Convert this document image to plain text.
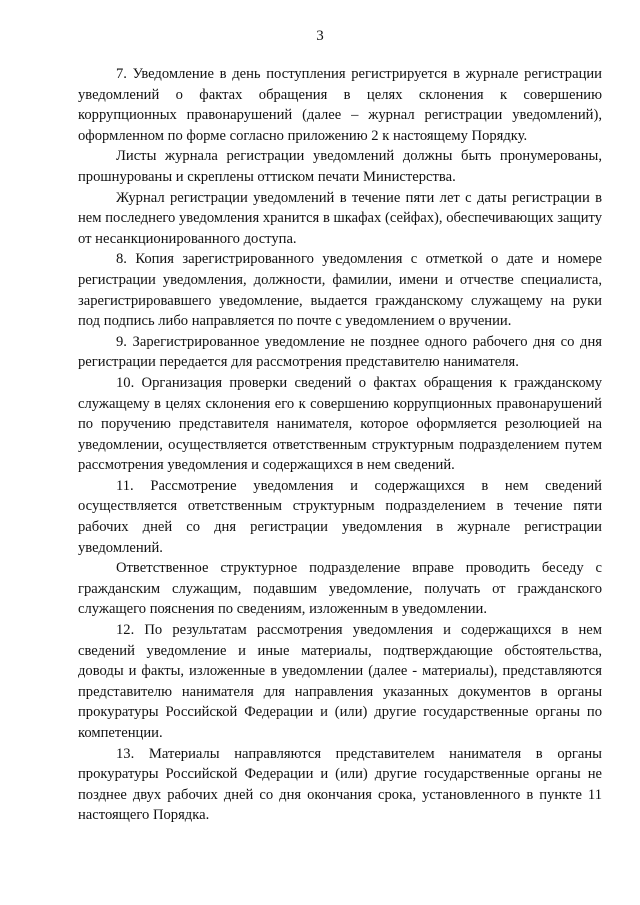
3

7. Уведомление в день поступления регистрируется в журнале регистрации уведомлений о фактах обращения в целях склонения к совершению коррупционных правонарушений (далее – журнал регистрации уведомлений), оформленном по форме согласно приложению 2 к настоящему Порядку.

Листы журнала регистрации уведомлений должны быть пронумерованы, прошнурованы и скреплены оттиском печати Министерства.

Журнал регистрации уведомлений в течение пяти лет с даты регистрации в нем последнего уведомления хранится в шкафах (сейфах), обеспечивающих защиту от несанкционированного доступа.

8. Копия зарегистрированного уведомления с отметкой о дате и номере регистрации уведомления, должности, фамилии, имени и отчестве специалиста, зарегистрировавшего уведомление, выдается гражданскому служащему на руки под подпись либо направляется по почте с уведомлением о вручении.

9. Зарегистрированное уведомление не позднее одного рабочего дня со дня регистрации передается для рассмотрения представителю нанимателя.

10. Организация проверки сведений о фактах обращения к гражданскому служащему в целях склонения его к совершению коррупционных правонарушений по поручению представителя нанимателя, которое оформляется резолюцией на уведомлении, осуществляется ответственным структурным подразделением путем рассмотрения уведомления и содержащихся в нем сведений.

11. Рассмотрение уведомления и содержащихся в нем сведений осуществляется ответственным структурным подразделением в течение пяти рабочих дней со дня регистрации уведомления в журнале регистрации уведомлений.

Ответственное структурное подразделение вправе проводить беседу с гражданским служащим, подавшим уведомление, получать от гражданского служащего пояснения по сведениям, изложенным в уведомлении.

12. По результатам рассмотрения уведомления и содержащихся в нем сведений уведомление и иные материалы, подтверждающие обстоятельства, доводы и факты, изложенные в уведомлении (далее - материалы), представляются представителю нанимателя для направления указанных документов в органы прокуратуры Российской Федерации и (или) другие государственные органы по компетенции.

13. Материалы направляются представителем нанимателя в органы прокуратуры Российской Федерации и (или) другие государственные органы не позднее двух рабочих дней со дня окончания срока, установленного в пункте 11 настоящего Порядка.
